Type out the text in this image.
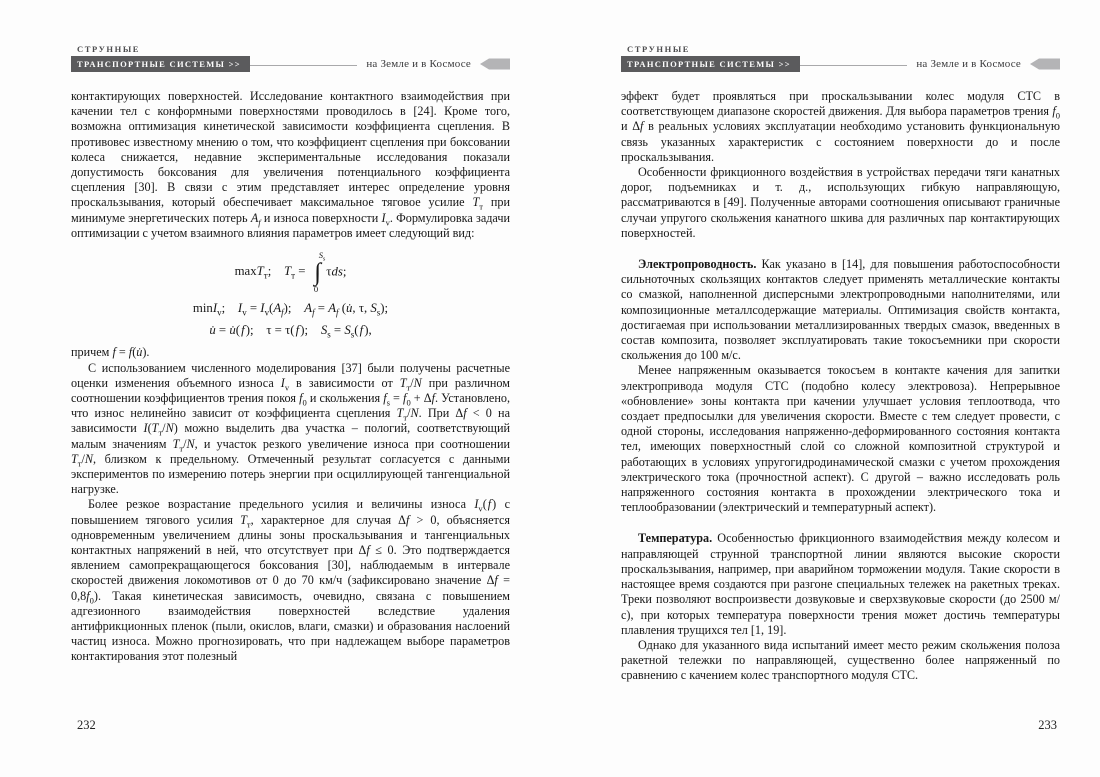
СТРУННЫЕ
ТРАНСПОРТНЫЕ СИСТЕМЫ >>	на Земле и в Космосе

контактирующих поверхностей. Исследование контактного взаимодействия при качении тел с конформными поверхностями проводилось в [24]. Кроме того, возможна оптимизация кинетической зависимости коэффициента сцепления. В противовес известному мнению о том, что коэффициент сцепления при боксовании колеса снижается, недавние экспериментальные исследования показали допустимость боксования для увеличения потенциального коэффициента сцепления [30]. В связи с этим представляет интерес определение уровня проскальзывания, который обеспечивает максимальное тяговое усилие $T_т$ при минимуме энергетических потерь $A_f$ и износа поверхности $I_v$. Формулировка задачи оптимизации с учетом взаимного влияния параметров имеет следующий вид:

maxT$_т$;    $T_т$ =
$S_s$
∫
0
τds;
minI$_v$;    $I_v = I_v(A_f)$;    $A_f = A_f$ (u̇, τ, $S_s$);
u̇ = u̇( f );    τ = τ( f );    $S_s = S_s$( f ),

причем f = f(u̇).

С использованием численного моделирования [37] были получены расчетные оценки изменения объемного износа $I_v$ в зависимости от $T_т/N$ при различном соотношении коэффициентов трения покоя $f_0$ и скольжения $f_s = f_0 + \Delta f$. Установлено, что износ нелинейно зависит от коэффициента сцепления $T_т/N$. При Δf < 0 на зависимости $I(T_т/N)$ можно выделить два участка – пологий, соответствующий малым значениям $T_т/N$, и участок резкого увеличение износа при соотношении $T_т/N$, близком к предельному. Отмеченный результат согласуется с данными экспериментов по измерению потерь энергии при осциллирующей тангенциальной нагрузке.

Более резкое возрастание предельного усилия и величины износа $I_v$( f ) с повышением тягового усилия $T_т$, характерное для случая Δf > 0, объясняется одновременным увеличением длины зоны проскальзывания и тангенциальных контактных напряжений в ней, что отсутствует при Δf ≤ 0. Это подтверждается явлением самопрекращающегося боксования [30], наблюдаемым в интервале скоростей движения локомотивов от 0 до 70 км/ч (зафиксировано значение $\Delta f = 0,8f_0$). Такая кинетическая зависимость, очевидно, связана с повышением адгезионного взаимодействия поверхностей вследствие удаления антифрикционных пленок (пыли, окислов, влаги, смазки) и образования наслоений частиц износа. Можно прогнозировать, что при надлежащем выборе параметров контактирования этот полезный

232
СТРУННЫЕ
ТРАНСПОРТНЫЕ СИСТЕМЫ >>	на Земле и в Космосе

эффект будет проявляться при проскальзывании колес модуля СТС в соответствующем диапазоне скоростей движения. Для выбора параметров трения $f_0$ и Δf в реальных условиях эксплуатации необходимо установить функциональную связь указанных характеристик с состоянием поверхности до и после проскальзывания.

Особенности фрикционного воздействия в устройствах передачи тяги канатных дорог, подъемниках и т. д., использующих гибкую направляющую, рассматриваются в [49]. Полученные авторами соотношения описывают граничные случаи упругого скольжения канатного шкива для различных пар контактирующих поверхностей.

Электропроводность. Как указано в [14], для повышения работоспособности сильноточных скользящих контактов следует применять металлические контакты со смазкой, наполненной дисперсными электропроводными наполнителями, или композиционные металлсодержащие материалы. Оптимизация свойств контакта, достигаемая при использовании металлизированных твердых смазок, введенных в состав композита, позволяет эксплуатировать такие токосъемники при скорости скольжения до 100 м/с.

Менее напряженным оказывается токосъем в контакте качения для запитки электропривода модуля СТС (подобно колесу электровоза). Непрерывное «обновление» зоны контакта при качении улучшает условия теплоотвода, что создает предпосылки для увеличения скорости. Вместе с тем следует провести, с одной стороны, исследования напряженно-деформированного состояния контакта тел, имеющих поверхностный слой со сложной композитной структурой и работающих в условиях упругогидродинамической смазки с учетом прохождения электрического тока (прочностной аспект). С другой – важно исследовать роль напряженного состояния контакта в прохождении электрического тока и теплообразовании (электрический и температурный аспект).

Температура. Особенностью фрикционного взаимодействия между колесом и направляющей струнной транспортной линии являются высокие скорости проскальзывания, например, при аварийном торможении модуля. Такие скорости в настоящее время создаются при разгоне специальных тележек на ракетных треках. Треки позволяют воспроизвести дозвуковые и сверхзвуковые скорости (до 2500 м/с), при которых температура поверхности трения может достичь температуры плавления трущихся тел [1, 19].

Однако для указанного вида испытаний имеет место режим скольжения полоза ракетной тележки по направляющей, существенно более напряженный по сравнению с качением колес транспортного модуля СТС.

233
